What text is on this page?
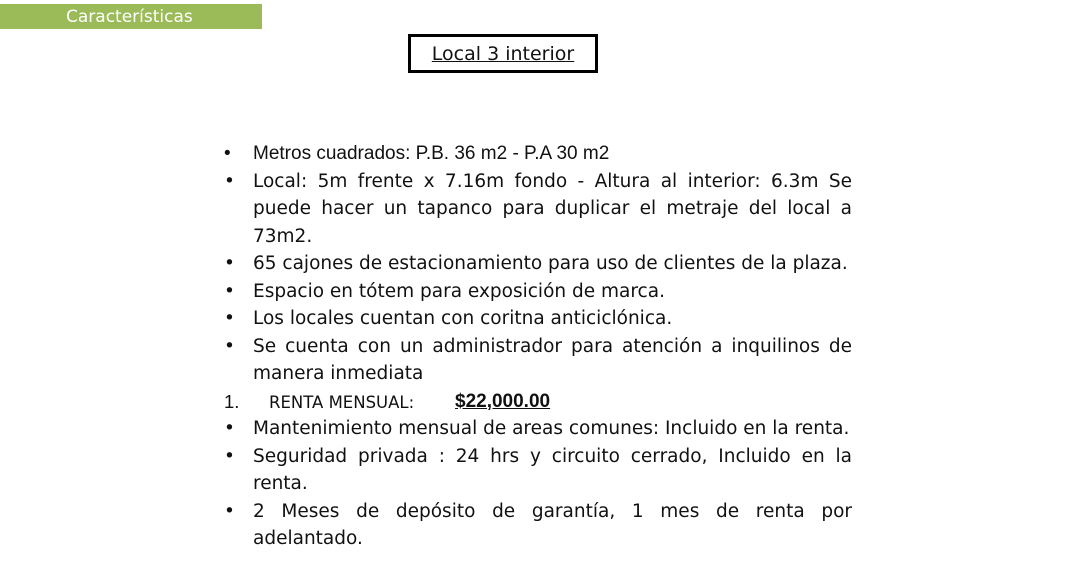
Características
Local 3 interior
•	Metros cuadrados: P.B. 36 m2 - P.A 30 m2
• Local: 5m frente x 7.16m fondo - Altura al interior: 6.3m Se puede hacer un tapanco para duplicar el metraje del local a 73m2.
• 65 cajones de estacionamiento para uso de clientes de la plaza.
• Espacio en tótem para exposición de marca.
• Los locales cuentan con coritna anticiclónica.
• Se cuenta con un administrador para atención a inquilinos de manera inmediata
1. RENTA MENSUAL: $22,000.00
• Mantenimiento mensual de areas comunes: Incluido en la renta.
• Seguridad privada : 24 hrs y circuito cerrado, Incluido en la renta.
• 2 Meses de depósito de garantía, 1 mes de renta por adelantado.
